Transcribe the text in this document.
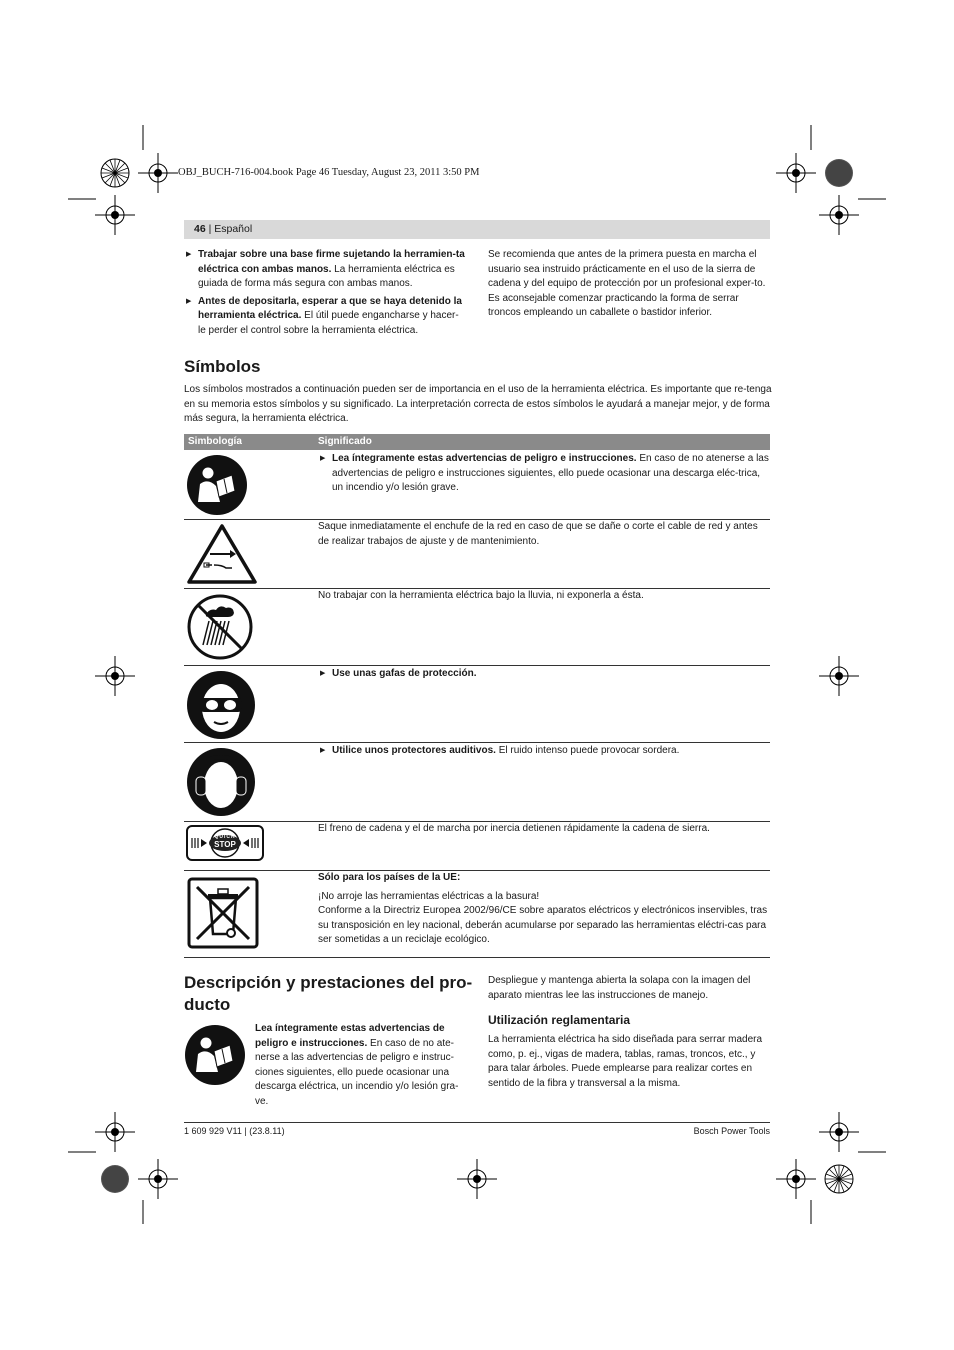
OBJ_BUCH-716-004.book Page 46 Tuesday, August 23, 2011 3:50 PM
46 | Español
▶ Trabajar sobre una base firme sujetando la herramien-ta eléctrica con ambas manos. La herramienta eléctrica es guiada de forma más segura con ambas manos.
▶ Antes de depositarla, esperar a que se haya detenido la herramienta eléctrica. El útil puede engancharse y hacer-le perder el control sobre la herramienta eléctrica.
Se recomienda que antes de la primera puesta en marcha el usuario sea instruido prácticamente en el uso de la sierra de cadena y del equipo de protección por un profesional exper-to. Es aconsejable comenzar practicando la forma de serrar troncos empleando un caballete o bastidor inferior.
Símbolos
Los símbolos mostrados a continuación pueden ser de importancia en el uso de la herramienta eléctrica. Es importante que re-tenga en su memoria estos símbolos y su significado. La interpretación correcta de estos símbolos le ayudará a manejar mejor, y de forma más segura, la herramienta eléctrica.
Simbología	Significado
▶ Lea íntegramente estas advertencias de peligro e instrucciones. En caso de no atenerse a las advertencias de peligro e instrucciones siguientes, ello puede ocasionar una descarga eléc-trica, un incendio y/o lesión grave.
Saque inmediatamente el enchufe de la red en caso de que se dañe o corte el cable de red y antes de realizar trabajos de ajuste y de mantenimiento.
No trabajar con la herramienta eléctrica bajo la lluvia, ni exponerla a ésta.
▶ Use unas gafas de protección.
▶ Utilice unos protectores auditivos. El ruido intenso puede provocar sordera.
QUICK
STOP
El freno de cadena y el de marcha por inercia detienen rápidamente la cadena de sierra.
Sólo para los países de la UE:
¡No arroje las herramientas eléctricas a la basura!
Conforme a la Directriz Europea 2002/96/CE sobre aparatos eléctricos y electrónicos inservibles, tras su transposición en ley nacional, deberán acumularse por separado las herramientas eléctri-cas para ser sometidas a un reciclaje ecológico.
Descripción y prestaciones del pro-
ducto
Lea íntegramente estas advertencias de peligro e instrucciones. En caso de no ate-nerse a las advertencias de peligro e instruc-ciones siguientes, ello puede ocasionar una descarga eléctrica, un incendio y/o lesión gra-ve.
Despliegue y mantenga abierta la solapa con la imagen del aparato mientras lee las instrucciones de manejo.
Utilización reglamentaria
La herramienta eléctrica ha sido diseñada para serrar madera como, p. ej., vigas de madera, tablas, ramas, troncos, etc., y para talar árboles. Puede emplearse para realizar cortes en sentido de la fibra y transversal a la misma.
1 609 929 V11 | (23.8.11)	Bosch Power Tools
